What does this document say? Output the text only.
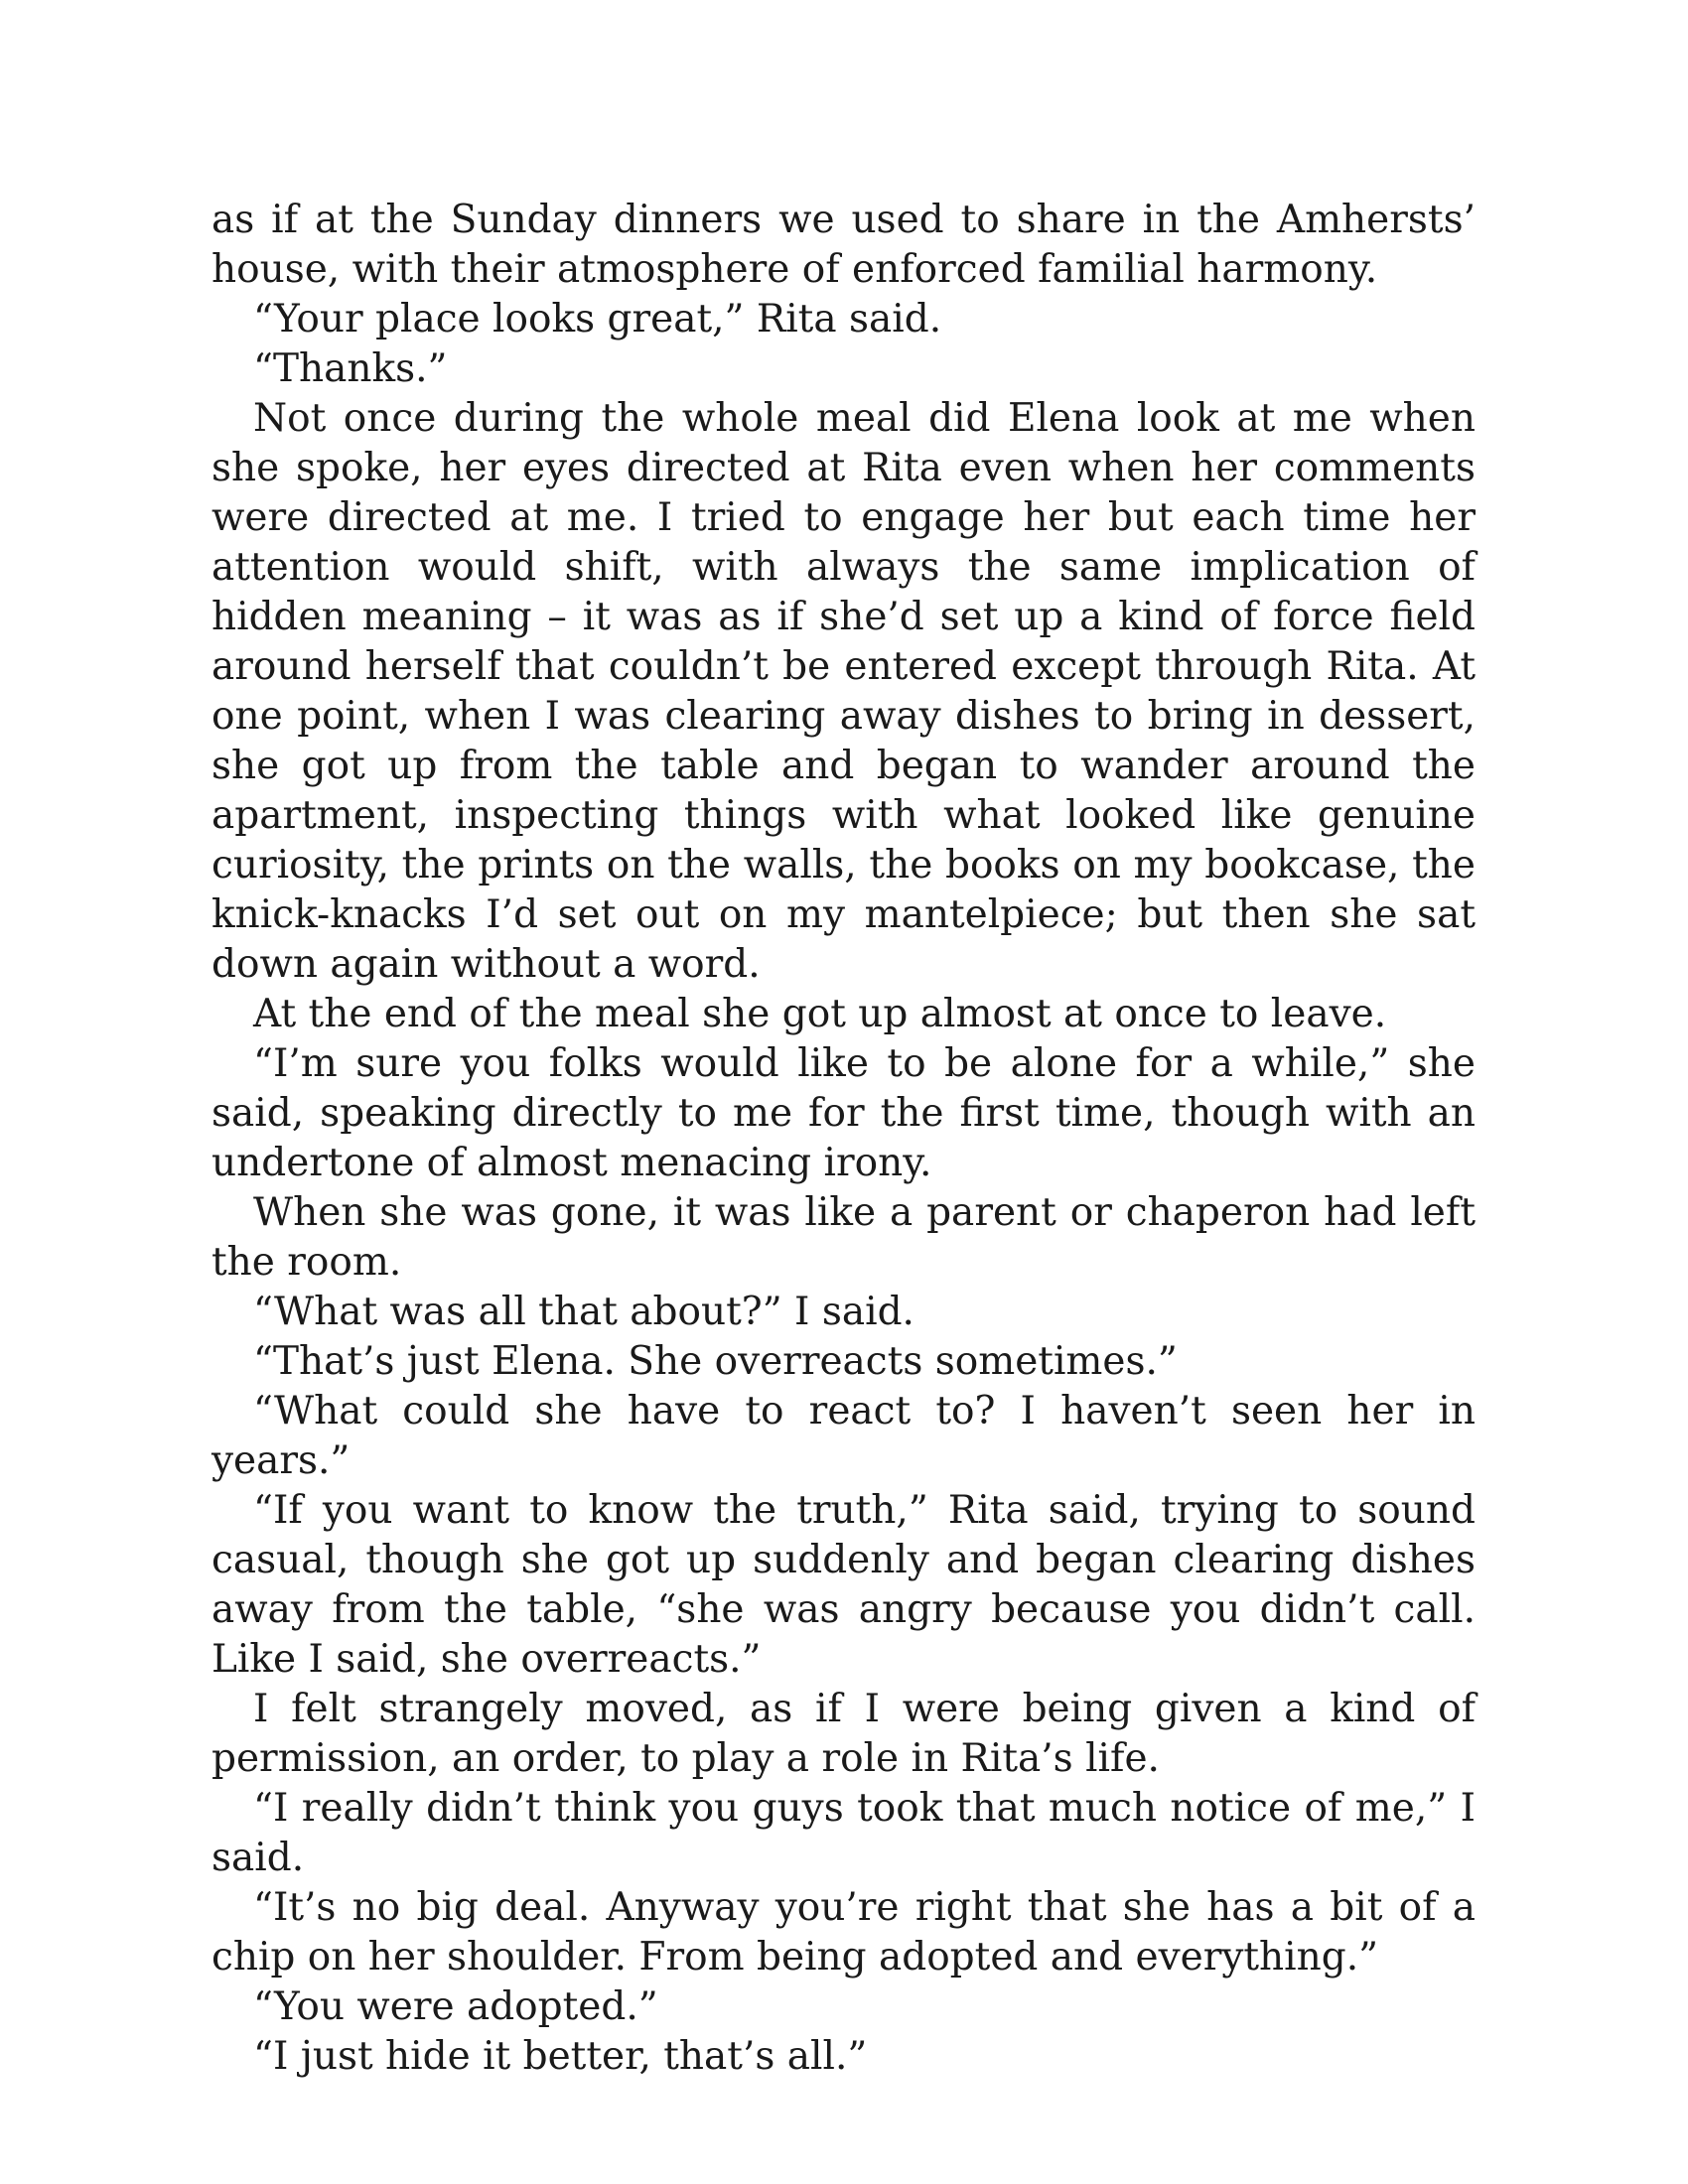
as if at the Sunday dinners we used to share in the Amhersts’ house, with their atmosphere of enforced familial harmony.

“Your place looks great,” Rita said.

“Thanks.”

Not once during the whole meal did Elena look at me when she spoke, her eyes directed at Rita even when her comments were directed at me. I tried to engage her but each time her attention would shift, with always the same implication of hidden meaning – it was as if she’d set up a kind of force field around herself that couldn’t be entered except through Rita. At one point, when I was clearing away dishes to bring in dessert, she got up from the table and began to wander around the apartment, inspecting things with what looked like genuine curiosity, the prints on the walls, the books on my bookcase, the knick-knacks I’d set out on my mantelpiece; but then she sat down again without a word.

At the end of the meal she got up almost at once to leave.

“I’m sure you folks would like to be alone for a while,” she said, speaking directly to me for the first time, though with an undertone of almost menacing irony.

When she was gone, it was like a parent or chaperon had left the room.

“What was all that about?” I said.

“That’s just Elena. She overreacts sometimes.”

“What could she have to react to? I haven’t seen her in years.”

“If you want to know the truth,” Rita said, trying to sound casual, though she got up suddenly and began clearing dishes away from the table, “she was angry because you didn’t call. Like I said, she overreacts.”

I felt strangely moved, as if I were being given a kind of permission, an order, to play a role in Rita’s life.

“I really didn’t think you guys took that much notice of me,” I said.

“It’s no big deal. Anyway you’re right that she has a bit of a chip on her shoulder. From being adopted and everything.”

“You were adopted.”

“I just hide it better, that’s all.”
